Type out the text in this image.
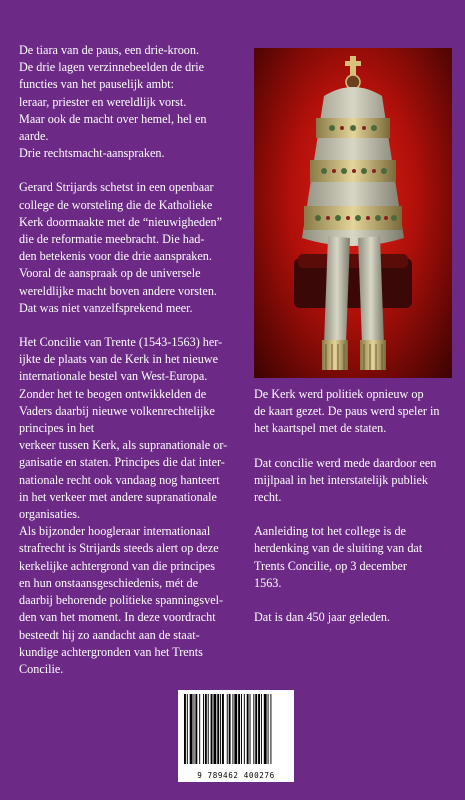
De tiara van de paus, een drie-kroon.
De drie lagen verzinnebeelden de drie
functies van het pauselijk ambt:
leraar, priester en wereldlijk vorst.
Maar ook de macht over hemel, hel en
aarde.
Drie rechtsmacht-aanspraken.

Gerard Strijards schetst in een openbaar
college de worsteling die de Katholieke
Kerk doormaakte met de “nieuwigheden”
die de reformatie meebracht. Die had-
den betekenis voor die drie aanspraken.
Vooral de aanspraak op de universele
wereldlijke macht boven andere vorsten.
Dat was niet vanzelfsprekend meer.

Het Concilie van Trente (1543-1563) her-
ijkte de plaats van de Kerk in het nieuwe
internationale bestel van West-Europa.
Zonder het te beogen ontwikkelden de
Vaders daarbij nieuwe volkenrechtelijke
principes in het
verkeer tussen Kerk, als supranationale or-
ganisatie en staten. Principes die dat inter-
nationale recht ook vandaag nog hanteert
in het verkeer met andere supranationale
organisaties.
Als bijzonder hoogleraar internationaal
strafrecht is Strijards steeds alert op deze
kerkelijke achtergrond van die principes
en hun onstaansgeschiedenis, mét de
daarbij behorende politieke spanningsvel-
den van het moment. In deze voordracht
besteedt hij zo aandacht aan de staat-
kundige achtergronden van het Trents
Concilie.

De Kerk werd politiek opnieuw op
de kaart gezet. De paus werd speler in
het kaartspel met de staten.

Dat concilie werd mede daardoor een
mijlpaal in het interstatelijk publiek
recht.

Aanleiding tot het college is de
herdenking van de sluiting van dat
Trents Concilie, op 3 december
1563.

Dat is dan 450 jaar geleden.

9 789462 400276
